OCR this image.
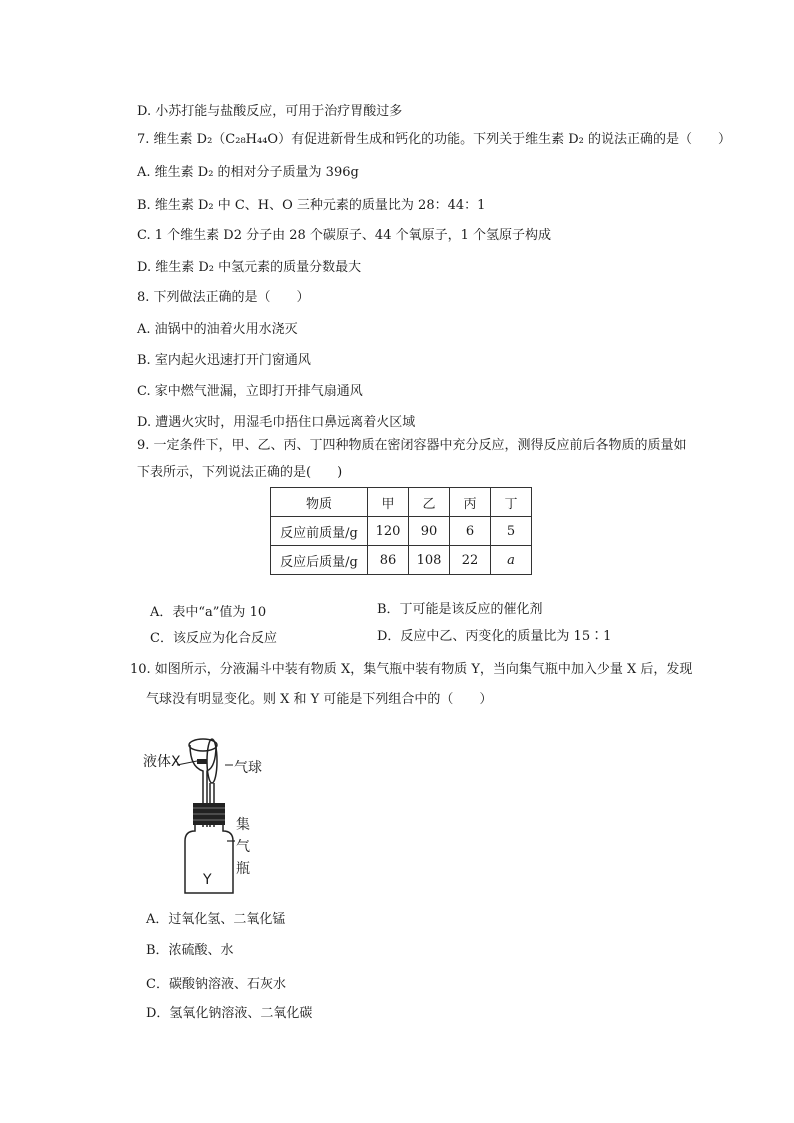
D. 小苏打能与盐酸反应，可用于治疗胃酸过多
7. 维生素 D₂（C₂₈H₄₄O）有促进新骨生成和钙化的功能。下列关于维生素 D₂ 的说法正确的是（　　）
A. 维生素 D₂ 的相对分子质量为 396g
B. 维生素 D₂ 中 C、H、O 三种元素的质量比为 28：44：1
C. 1 个维生素 D2 分子由 28 个碳原子、44 个氧原子，1 个氢原子构成
D. 维生素 D₂ 中氢元素的质量分数最大
8. 下列做法正确的是（　　）
A. 油锅中的油着火用水浇灭
B. 室内起火迅速打开门窗通风
C. 家中燃气泄漏，立即打开排气扇通风
D. 遭遇火灾时，用湿毛巾捂住口鼻远离着火区域
9. 一定条件下，甲、乙、丙、丁四种物质在密闭容器中充分反应，测得反应前后各物质的质量如
下表所示，下列说法正确的是(　　)
物质	甲	乙	丙	丁
反应前质量/g	120	90	6	5
反应后质量/g	86	108	22	a
A．表中“a”值为 10	B．丁可能是该反应的催化剂
C．该反应为化合反应	D．反应中乙、丙变化的质量比为 15∶1
10. 如图所示，分液漏斗中装有物质 X，集气瓶中装有物质 Y，当向集气瓶中加入少量 X 后，发现
气球没有明显变化。则 X 和 Y 可能是下列组合中的（　　）
液体X	气球
集气瓶
Y
A．过氧化氢、二氧化锰
B．浓硫酸、水
C．碳酸钠溶液、石灰水
D．氢氧化钠溶液、二氧化碳
